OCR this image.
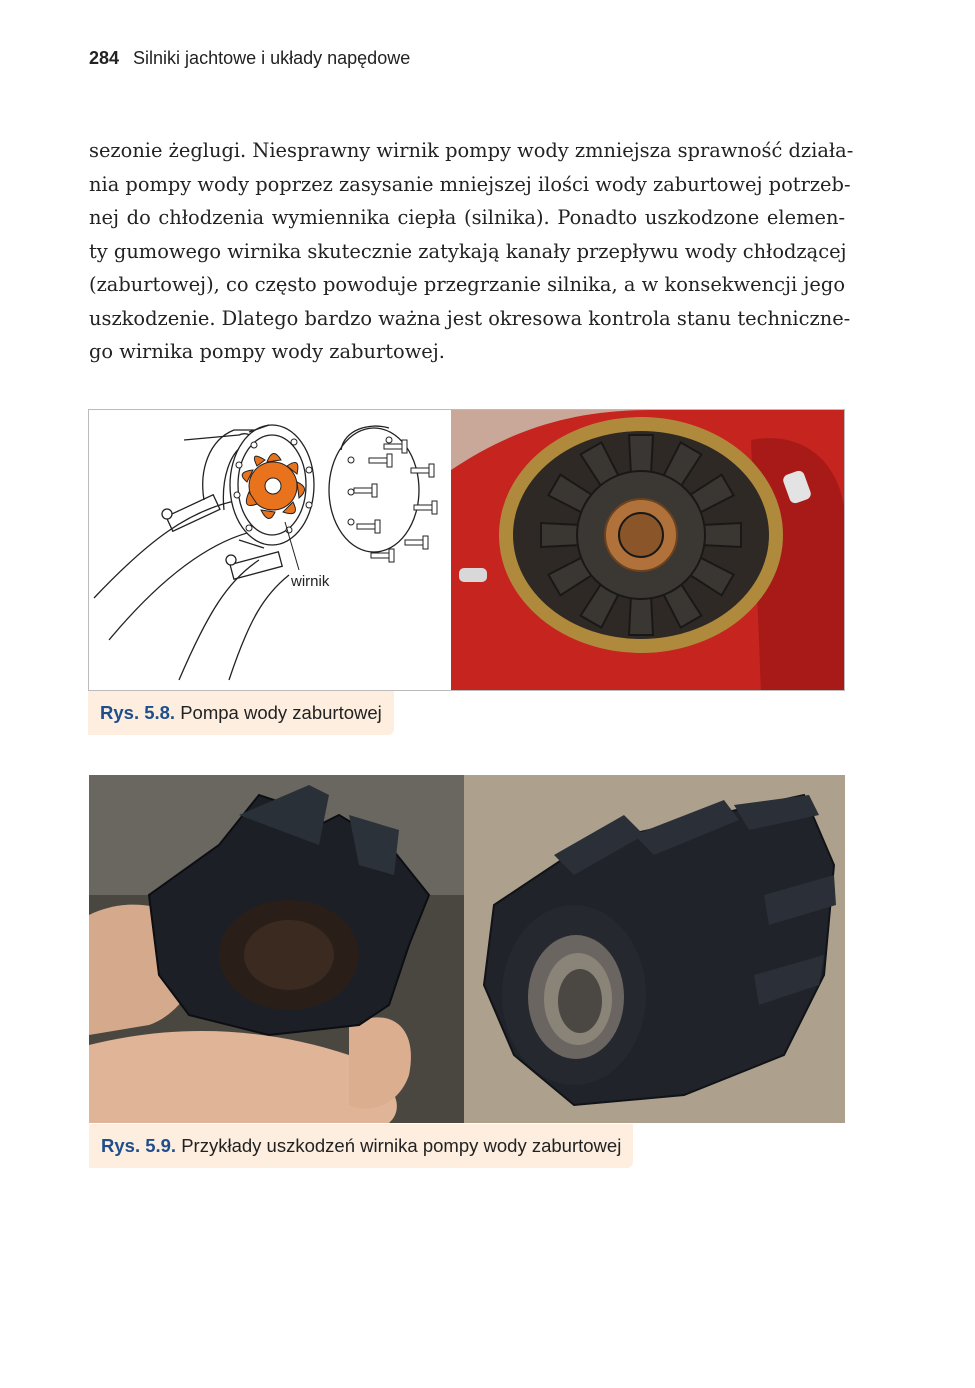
284 Silniki jachtowe i układy napędowe

sezonie żeglugi. Niesprawny wirnik pompy wody zmniejsza sprawność działa-

nia pompy wody poprzez zasysanie mniejszej ilości wody zaburtowej potrzeb-

nej do chłodzenia wymiennika ciepła (silnika). Ponadto uszkodzone elemen-

ty gumowego wirnika skutecznie zatykają kanały przepływu wody chłodzącej

(zaburtowej), co często powoduje przegrzanie silnika, a w konsekwencji jego

uszkodzenie. Dlatego bardzo ważna jest okresowa kontrola stanu techniczne-

go wirnika pompy wody zaburtowej.

wirnik
Rys. 5.8. Pompa wody zaburtowej
Rys. 5.9. Przykłady uszkodzeń wirnika pompy wody zaburtowej
